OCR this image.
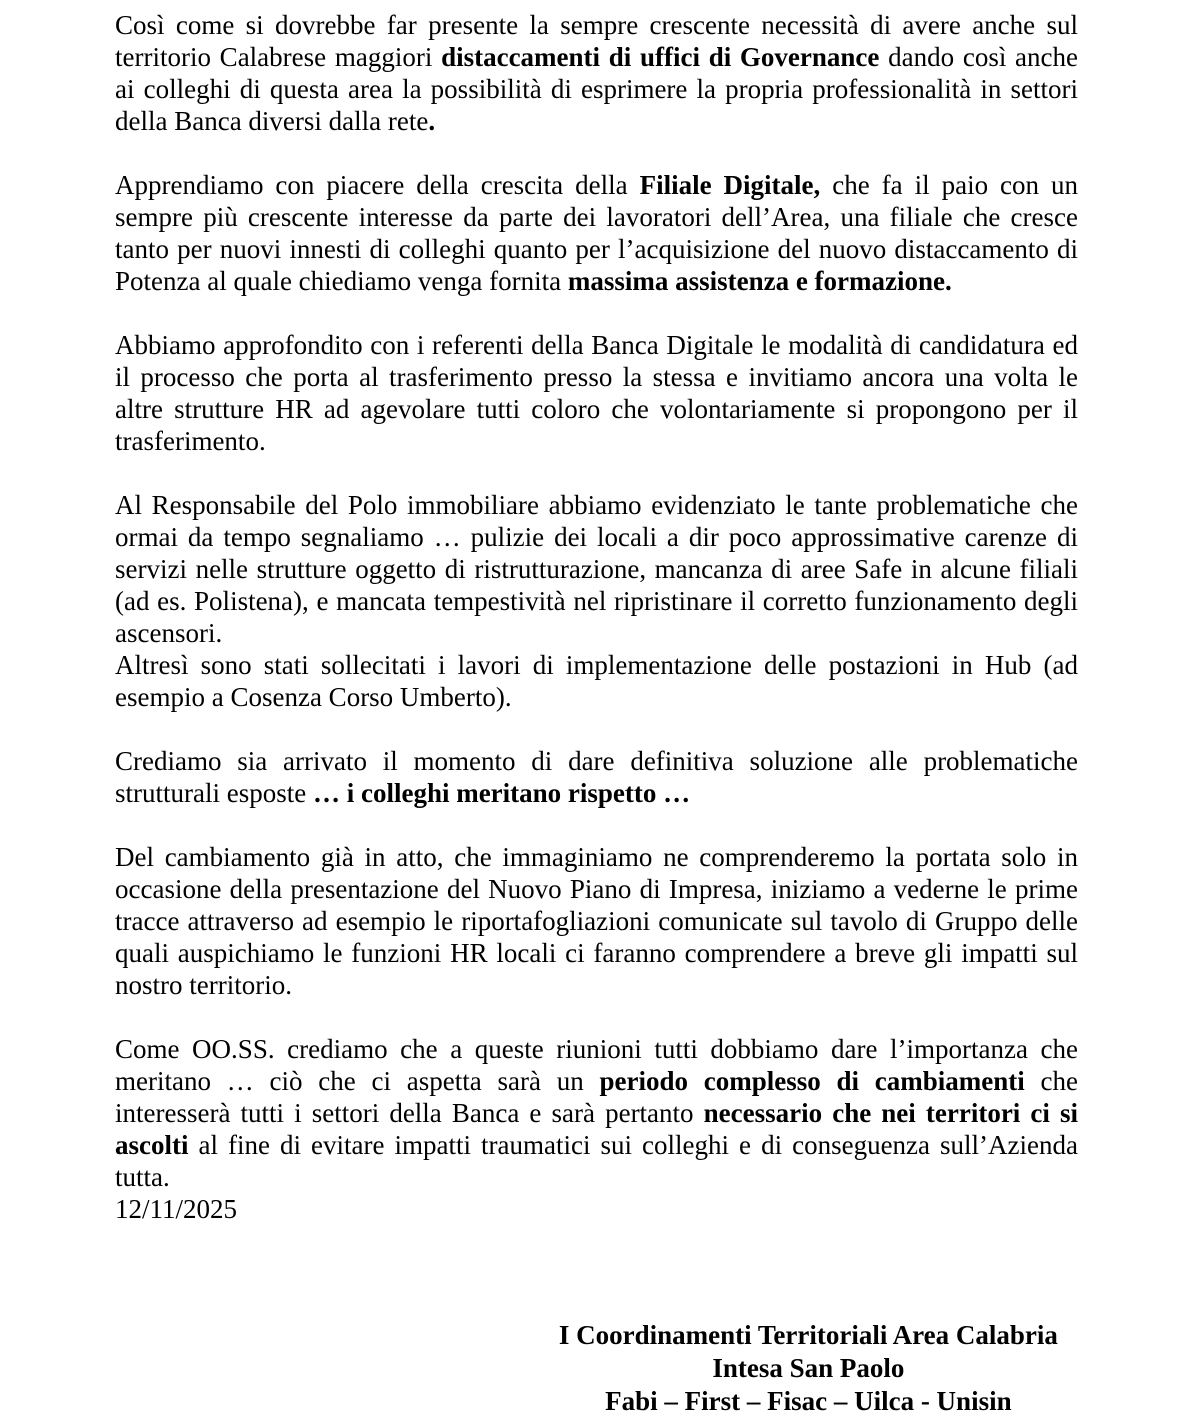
Così come si dovrebbe far presente la sempre crescente necessità di avere anche sul territorio Calabrese maggiori distaccamenti di uffici di Governance dando così anche ai colleghi di questa area la possibilità di esprimere la propria professionalità in settori della Banca diversi dalla rete.

Apprendiamo con piacere della crescita della Filiale Digitale, che fa il paio con un sempre più crescente interesse da parte dei lavoratori dell’Area, una filiale che cresce tanto per nuovi innesti di colleghi quanto per l’acquisizione del nuovo distaccamento di Potenza al quale chiediamo venga fornita massima assistenza e formazione.

Abbiamo approfondito con i referenti della Banca Digitale le modalità di candidatura ed il processo che porta al trasferimento presso la stessa e invitiamo ancora una volta le altre strutture HR ad agevolare tutti coloro che volontariamente si propongono per il trasferimento.

Al Responsabile del Polo immobiliare abbiamo evidenziato le tante problematiche che ormai da tempo segnaliamo … pulizie dei locali a dir poco approssimative carenze di servizi nelle strutture oggetto di ristrutturazione, mancanza di aree Safe in alcune filiali (ad es. Polistena), e mancata tempestività nel ripristinare il corretto funzionamento degli ascensori.

Altresì sono stati sollecitati i lavori di implementazione delle postazioni in Hub (ad esempio a Cosenza Corso Umberto).

Crediamo sia arrivato il momento di dare definitiva soluzione alle problematiche strutturali esposte … i colleghi meritano rispetto …

Del cambiamento già in atto, che immaginiamo ne comprenderemo la portata solo in occasione della presentazione del Nuovo Piano di Impresa, iniziamo a vederne le prime tracce attraverso ad esempio le riportafogliazioni comunicate sul tavolo di Gruppo delle quali auspichiamo le funzioni HR locali ci faranno comprendere a breve gli impatti sul nostro territorio.

Come OO.SS. crediamo che a queste riunioni tutti dobbiamo dare l’importanza che meritano … ciò che ci aspetta sarà un periodo complesso di cambiamenti che interesserà tutti i settori della Banca e sarà pertanto necessario che nei territori ci si ascolti al fine di evitare impatti traumatici sui colleghi e di conseguenza sull’Azienda tutta.

12/11/2025

I Coordinamenti Territoriali Area Calabria
Intesa San Paolo
Fabi – First – Fisac – Uilca - Unisin
